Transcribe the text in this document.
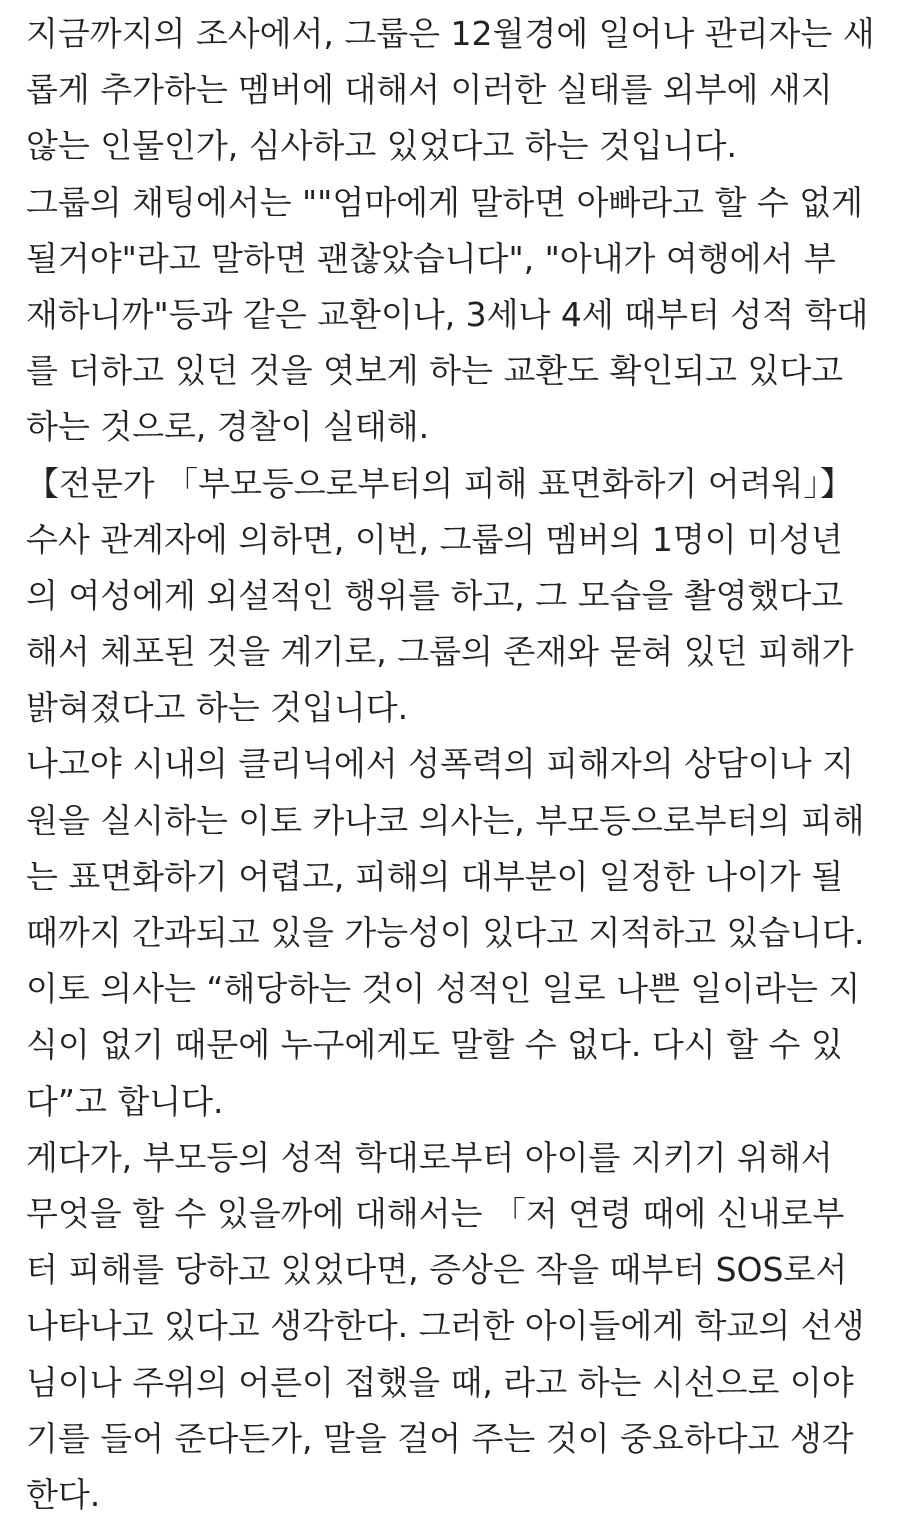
지금까지의 조사에서, 그룹은 12월경에 일어나 관리자는 새
롭게 추가하는 멤버에 대해서 이러한 실태를 외부에 새지
않는 인물인가, 심사하고 있었다고 하는 것입니다.
그룹의 채팅에서는 ""엄마에게 말하면 아빠라고 할 수 없게
될거야"라고 말하면 괜찮았습니다", "아내가 여행에서 부
재하니까"등과 같은 교환이나, 3세나 4세 때부터 성적 학대
를 더하고 있던 것을 엿보게 하는 교환도 확인되고 있다고
하는 것으로, 경찰이 실태해.
【전문가 「부모등으로부터의 피해 표면화하기 어려워」】
수사 관계자에 의하면, 이번, 그룹의 멤버의 1명이 미성년
의 여성에게 외설적인 행위를 하고, 그 모습을 촬영했다고
해서 체포된 것을 계기로, 그룹의 존재와 묻혀 있던 피해가
밝혀졌다고 하는 것입니다.
나고야 시내의 클리닉에서 성폭력의 피해자의 상담이나 지
원을 실시하는 이토 카나코 의사는, 부모등으로부터의 피해
는 표면화하기 어렵고, 피해의 대부분이 일정한 나이가 될
때까지 간과되고 있을 가능성이 있다고 지적하고 있습니다.
이토 의사는 “해당하는 것이 성적인 일로 나쁜 일이라는 지
식이 없기 때문에 누구에게도 말할 수 없다. 다시 할 수 있
다”고 합니다.
게다가, 부모등의 성적 학대로부터 아이를 지키기 위해서
무엇을 할 수 있을까에 대해서는 「저 연령 때에 신내로부
터 피해를 당하고 있었다면, 증상은 작을 때부터 SOS로서
나타나고 있다고 생각한다. 그러한 아이들에게 학교의 선생
님이나 주위의 어른이 접했을 때, 라고 하는 시선으로 이야
기를 들어 준다든가, 말을 걸어 주는 것이 중요하다고 생각
한다.
